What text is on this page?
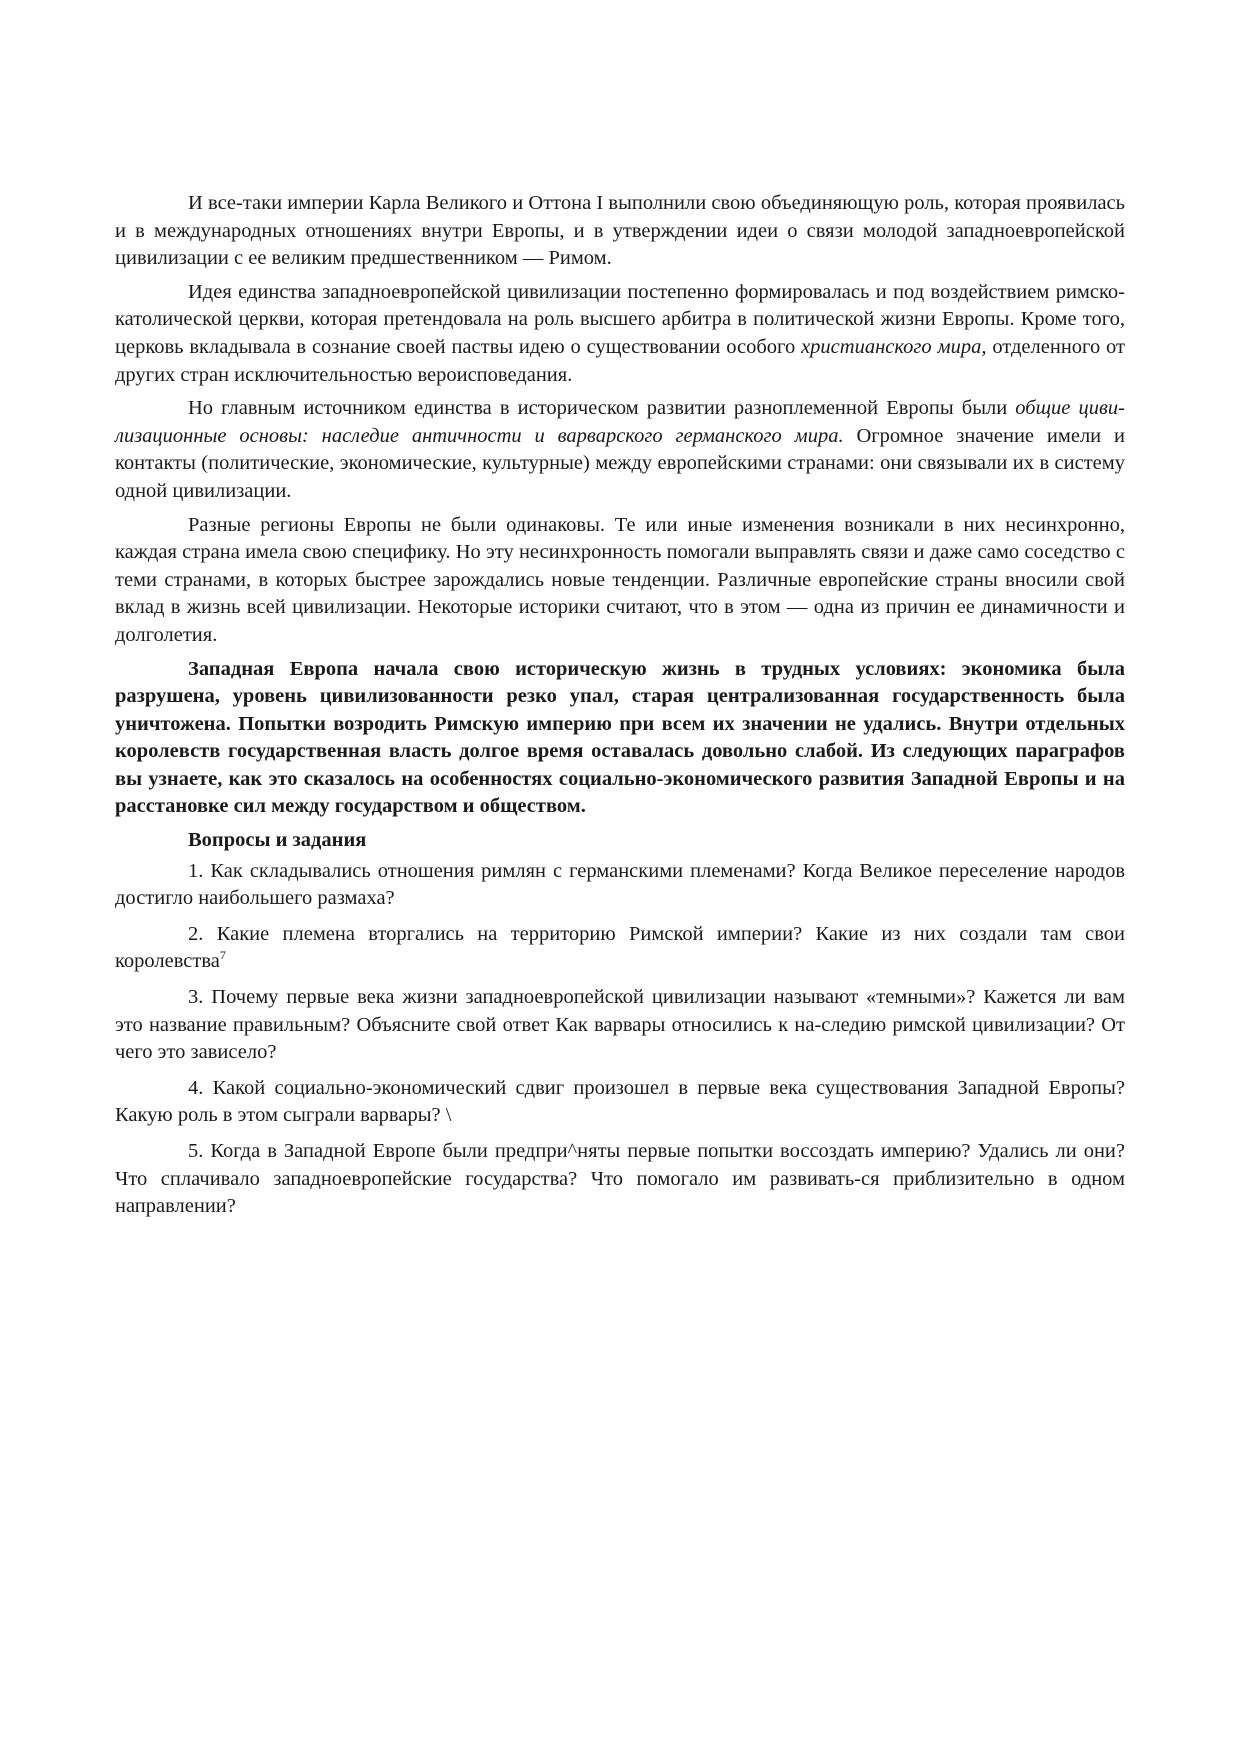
И все-таки империи Карла Великого и Оттона I выполнили свою объединяющую роль, которая проявилась и в международных отношениях внутри Европы, и в утверждении идеи о связи молодой западноевропейской цивилизации с ее великим предшественником — Римом.

Идея единства западноевропейской цивилизации постепенно формировалась и под воздействием римско-католической церкви, которая претендовала на роль высшего арбитра в политической жизни Европы. Кроме того, церковь вкладывала в сознание своей паствы идею о существовании особого христианского мира, отделенного от других стран исключительностью вероисповедания.

Но главным источником единства в историческом развитии разноплеменной Европы были общие циви-лизационные основы: наследие античности и варварского германского мира. Огромное значение имели и контакты (политические, экономические, культурные) между европейскими странами: они связывали их в систему одной цивилизации.

Разные регионы Европы не были одинаковы. Те или иные изменения возникали в них несинхронно, каждая страна имела свою специфику. Но эту несинхронность помогали выправлять связи и даже само соседство с теми странами, в которых быстрее зарождались новые тенденции. Различные европейские страны вносили свой вклад в жизнь всей цивилизации. Некоторые историки считают, что в этом — одна из причин ее динамичности и долголетия.

Западная Европа начала свою историческую жизнь в трудных условиях: экономика была разрушена, уровень цивилизованности резко упал, старая централизованная государственность была уничтожена. Попытки возродить Римскую империю при всем их значении не удались. Внутри отдельных королевств государственная власть долгое время оставалась довольно слабой. Из следующих параграфов вы узнаете, как это сказалось на особенностях социально-экономического развития Западной Европы и на расстановке сил между государством и обществом.

Вопросы и задания

1. Как складывались отношения римлян с германскими племенами? Когда Великое переселение народов достигло наибольшего размаха?

2. Какие племена вторгались на территорию Римской империи? Какие из них создали там свои королевства$^7$

3. Почему первые века жизни западноевропейской цивилизации называют «темными»? Кажется ли вам это название правильным? Объясните свой ответ Как варвары относились к на-следию римской цивилизации? От чего это зависело?

4. Какой социально-экономический сдвиг произошел в первые века существования Западной Европы? Какую роль в этом сыграли варвары? \

5. Когда в Западной Европе были предпри^няты первые попытки воссоздать империю? Удались ли они? Что сплачивало западноевропейские государства? Что помогало им развивать-ся приблизительно в одном направлении?
